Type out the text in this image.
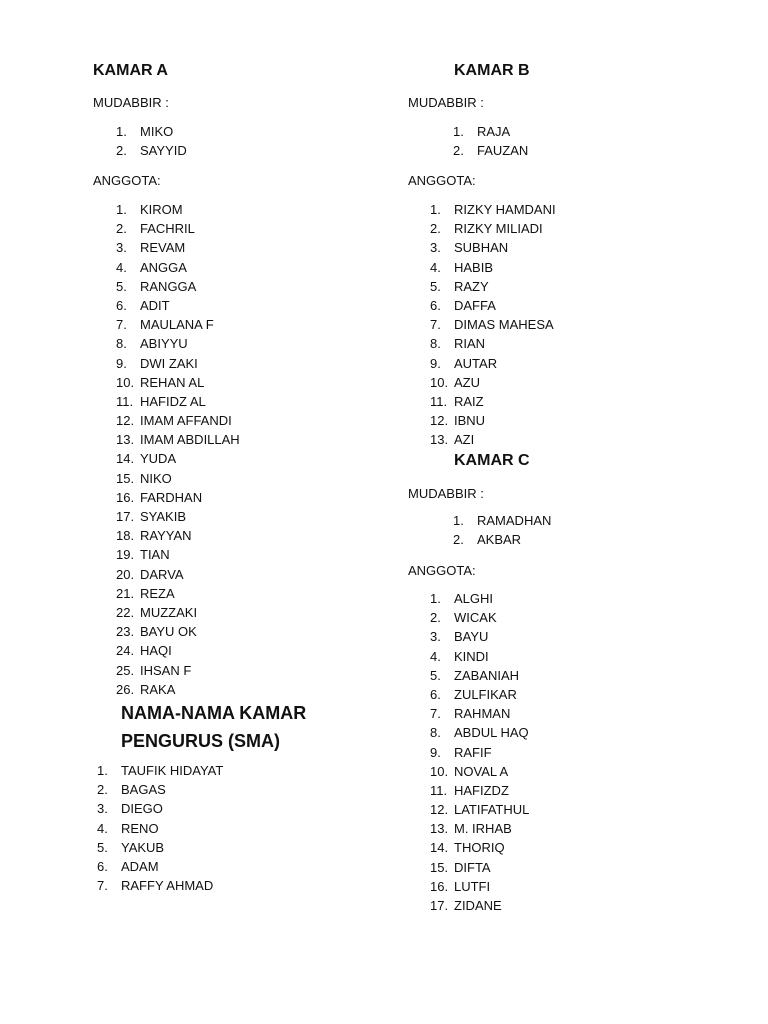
KAMAR A
MUDABBIR :
1. MIKO
2. SAYYID
ANGGOTA:
1. KIROM
2. FACHRIL
3. REVAM
4. ANGGA
5. RANGGA
6. ADIT
7. MAULANA F
8. ABIYYU
9. DWI ZAKI
10. REHAN AL
11. HAFIDZ AL
12. IMAM AFFANDI
13. IMAM ABDILLAH
14. YUDA
15. NIKO
16. FARDHAN
17. SYAKIB
18. RAYYAN
19. TIAN
20. DARVA
21. REZA
22. MUZZAKI
23. BAYU OK
24. HAQI
25. IHSAN F
26. RAKA
NAMA-NAMA KAMAR
PENGURUS (SMA)
1. TAUFIK HIDAYAT
2. BAGAS
3. DIEGO
4. RENO
5. YAKUB
6. ADAM
7. RAFFY AHMAD
KAMAR B
MUDABBIR :
1. RAJA
2. FAUZAN
ANGGOTA:
1. RIZKY HAMDANI
2. RIZKY MILIADI
3. SUBHAN
4. HABIB
5. RAZY
6. DAFFA
7. DIMAS MAHESA
8. RIAN
9. AUTAR
10. AZU
11. RAIZ
12. IBNU
13. AZI
KAMAR C
MUDABBIR :
1. RAMADHAN
2. AKBAR
ANGGOTA:
1. ALGHI
2. WICAK
3. BAYU
4. KINDI
5. ZABANIAH
6. ZULFIKAR
7. RAHMAN
8. ABDUL HAQ
9. RAFIF
10. NOVAL A
11. HAFIZDZ
12. LATIFATHUL
13. M. IRHAB
14. THORIQ
15. DIFTA
16. LUTFI
17. ZIDANE
